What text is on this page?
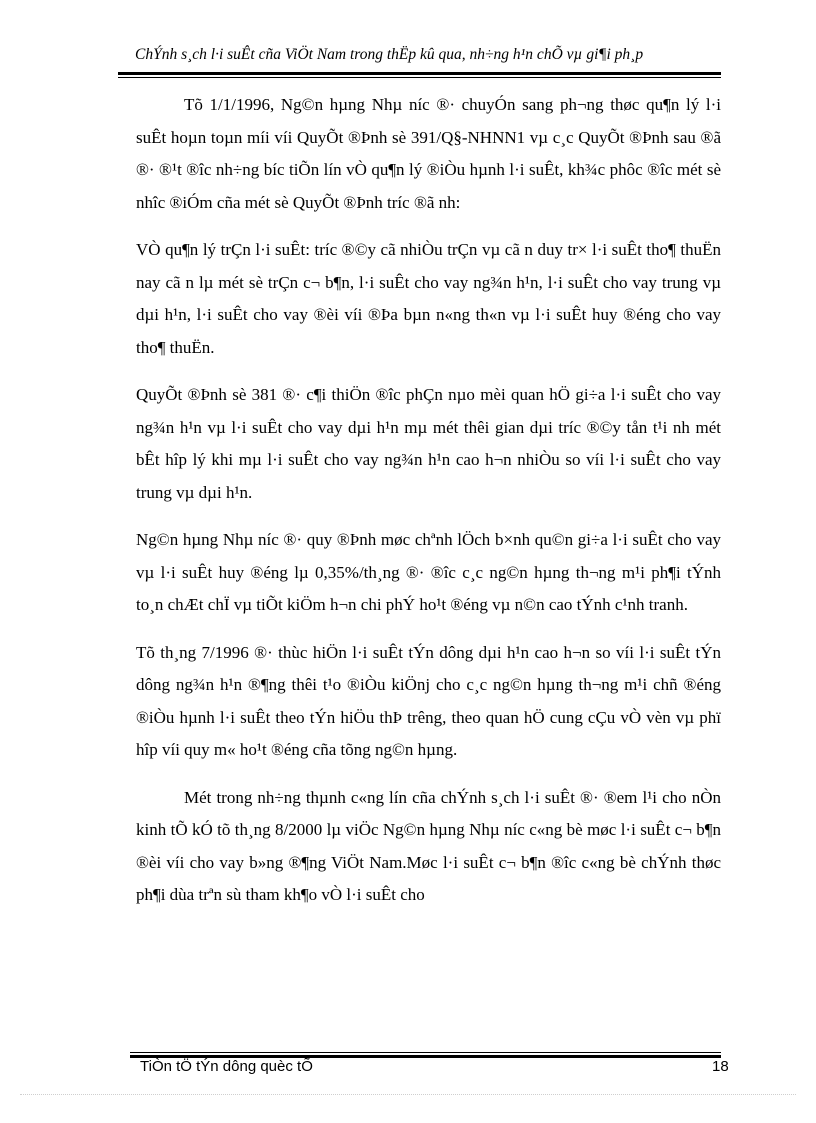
ChÝnh s¸ch l·i suÊt cña ViÖt Nam trong thËp kû qua, nh÷ng h¹n chÕ vµ gi¶i ph¸p

Tõ 1/1/1996, Ng©n hµng Nhµ níc ®· chuyÓn sang ph¬ng thøc qu¶n lý l·i suÊt hoµn toµn míi víi QuyÕt ®Þnh sè 391/Q§-NHNN1 vµ c¸c QuyÕt ®Þnh sau ®ã ®· ®¹t ®îc nh÷ng bíc tiÕn lín vÒ qu¶n lý ®iÒu hµnh l·i suÊt, kh¾c phôc ®îc mét sè nhîc ®iÓm cña mét sè QuyÕt ®Þnh tríc ®ã nh:

VÒ qu¶n lý trÇn l·i suÊt: tríc ®©y cã nhiÒu trÇn vµ cã n duy tr× l·i suÊt tho¶ thuËn nay cã n lµ mét sè trÇn c¬ b¶n, l·i suÊt cho vay ng¾n h¹n, l·i suÊt cho vay trung vµ dµi h¹n, l·i suÊt cho vay ®èi víi ®Þa bµn n«ng th«n vµ l·i suÊt huy ®éng cho vay tho¶ thuËn.

QuyÕt ®Þnh sè 381 ®· c¶i thiÖn ®îc phÇn nµo mèi quan hÖ gi÷a l·i suÊt cho vay ng¾n h¹n vµ l·i suÊt cho vay dµi h¹n mµ mét thêi gian dµi tríc ®©y tån t¹i nh mét bÊt hîp lý khi mµ l·i suÊt cho vay ng¾n h¹n cao h¬n nhiÒu so víi l·i suÊt cho vay trung vµ dµi h¹n.

Ng©n hµng Nhµ níc ®· quy ®Þnh møc chªnh lÖch b×nh qu©n gi÷a l·i suÊt cho vay vµ l·i suÊt huy ®éng lµ 0,35%/th¸ng ®· ®îc c¸c ng©n hµng th¬ng m¹i ph¶i tÝnh to¸n chÆt chÏ vµ tiÕt kiÖm h¬n chi phÝ ho¹t ®éng vµ n©n cao tÝnh c¹nh tranh.

Tõ th¸ng 7/1996 ®· thùc hiÖn l·i suÊt tÝn dông dµi h¹n cao h¬n so víi l·i suÊt tÝn dông ng¾n h¹n ®¶ng thêi t¹o ®iÒu kiÖnj cho c¸c ng©n hµng th¬ng m¹i chñ ®éng ®iÒu hµnh l·i suÊt theo tÝn hiÖu thÞ trêng, theo quan hÖ cung cÇu vÒ vèn vµ phï hîp víi quy m« ho¹t ®éng cña tõng ng©n hµng.

Mét trong nh÷ng thµnh c«ng lín cña chÝnh s¸ch l·i suÊt ®· ®em l¹i cho nÒn kinh tÕ kÓ tõ th¸ng 8/2000 lµ viÖc Ng©n hµng Nhµ níc c«ng bè møc l·i suÊt c¬ b¶n ®èi víi cho vay b»ng ®¶ng ViÖt Nam.Møc l·i suÊt c¬ b¶n ®îc c«ng bè chÝnh thøc ph¶i dùa trªn sù tham kh¶o vÒ l·i suÊt cho

TiÒn tÖ tÝn dông quèc tÕ	18
